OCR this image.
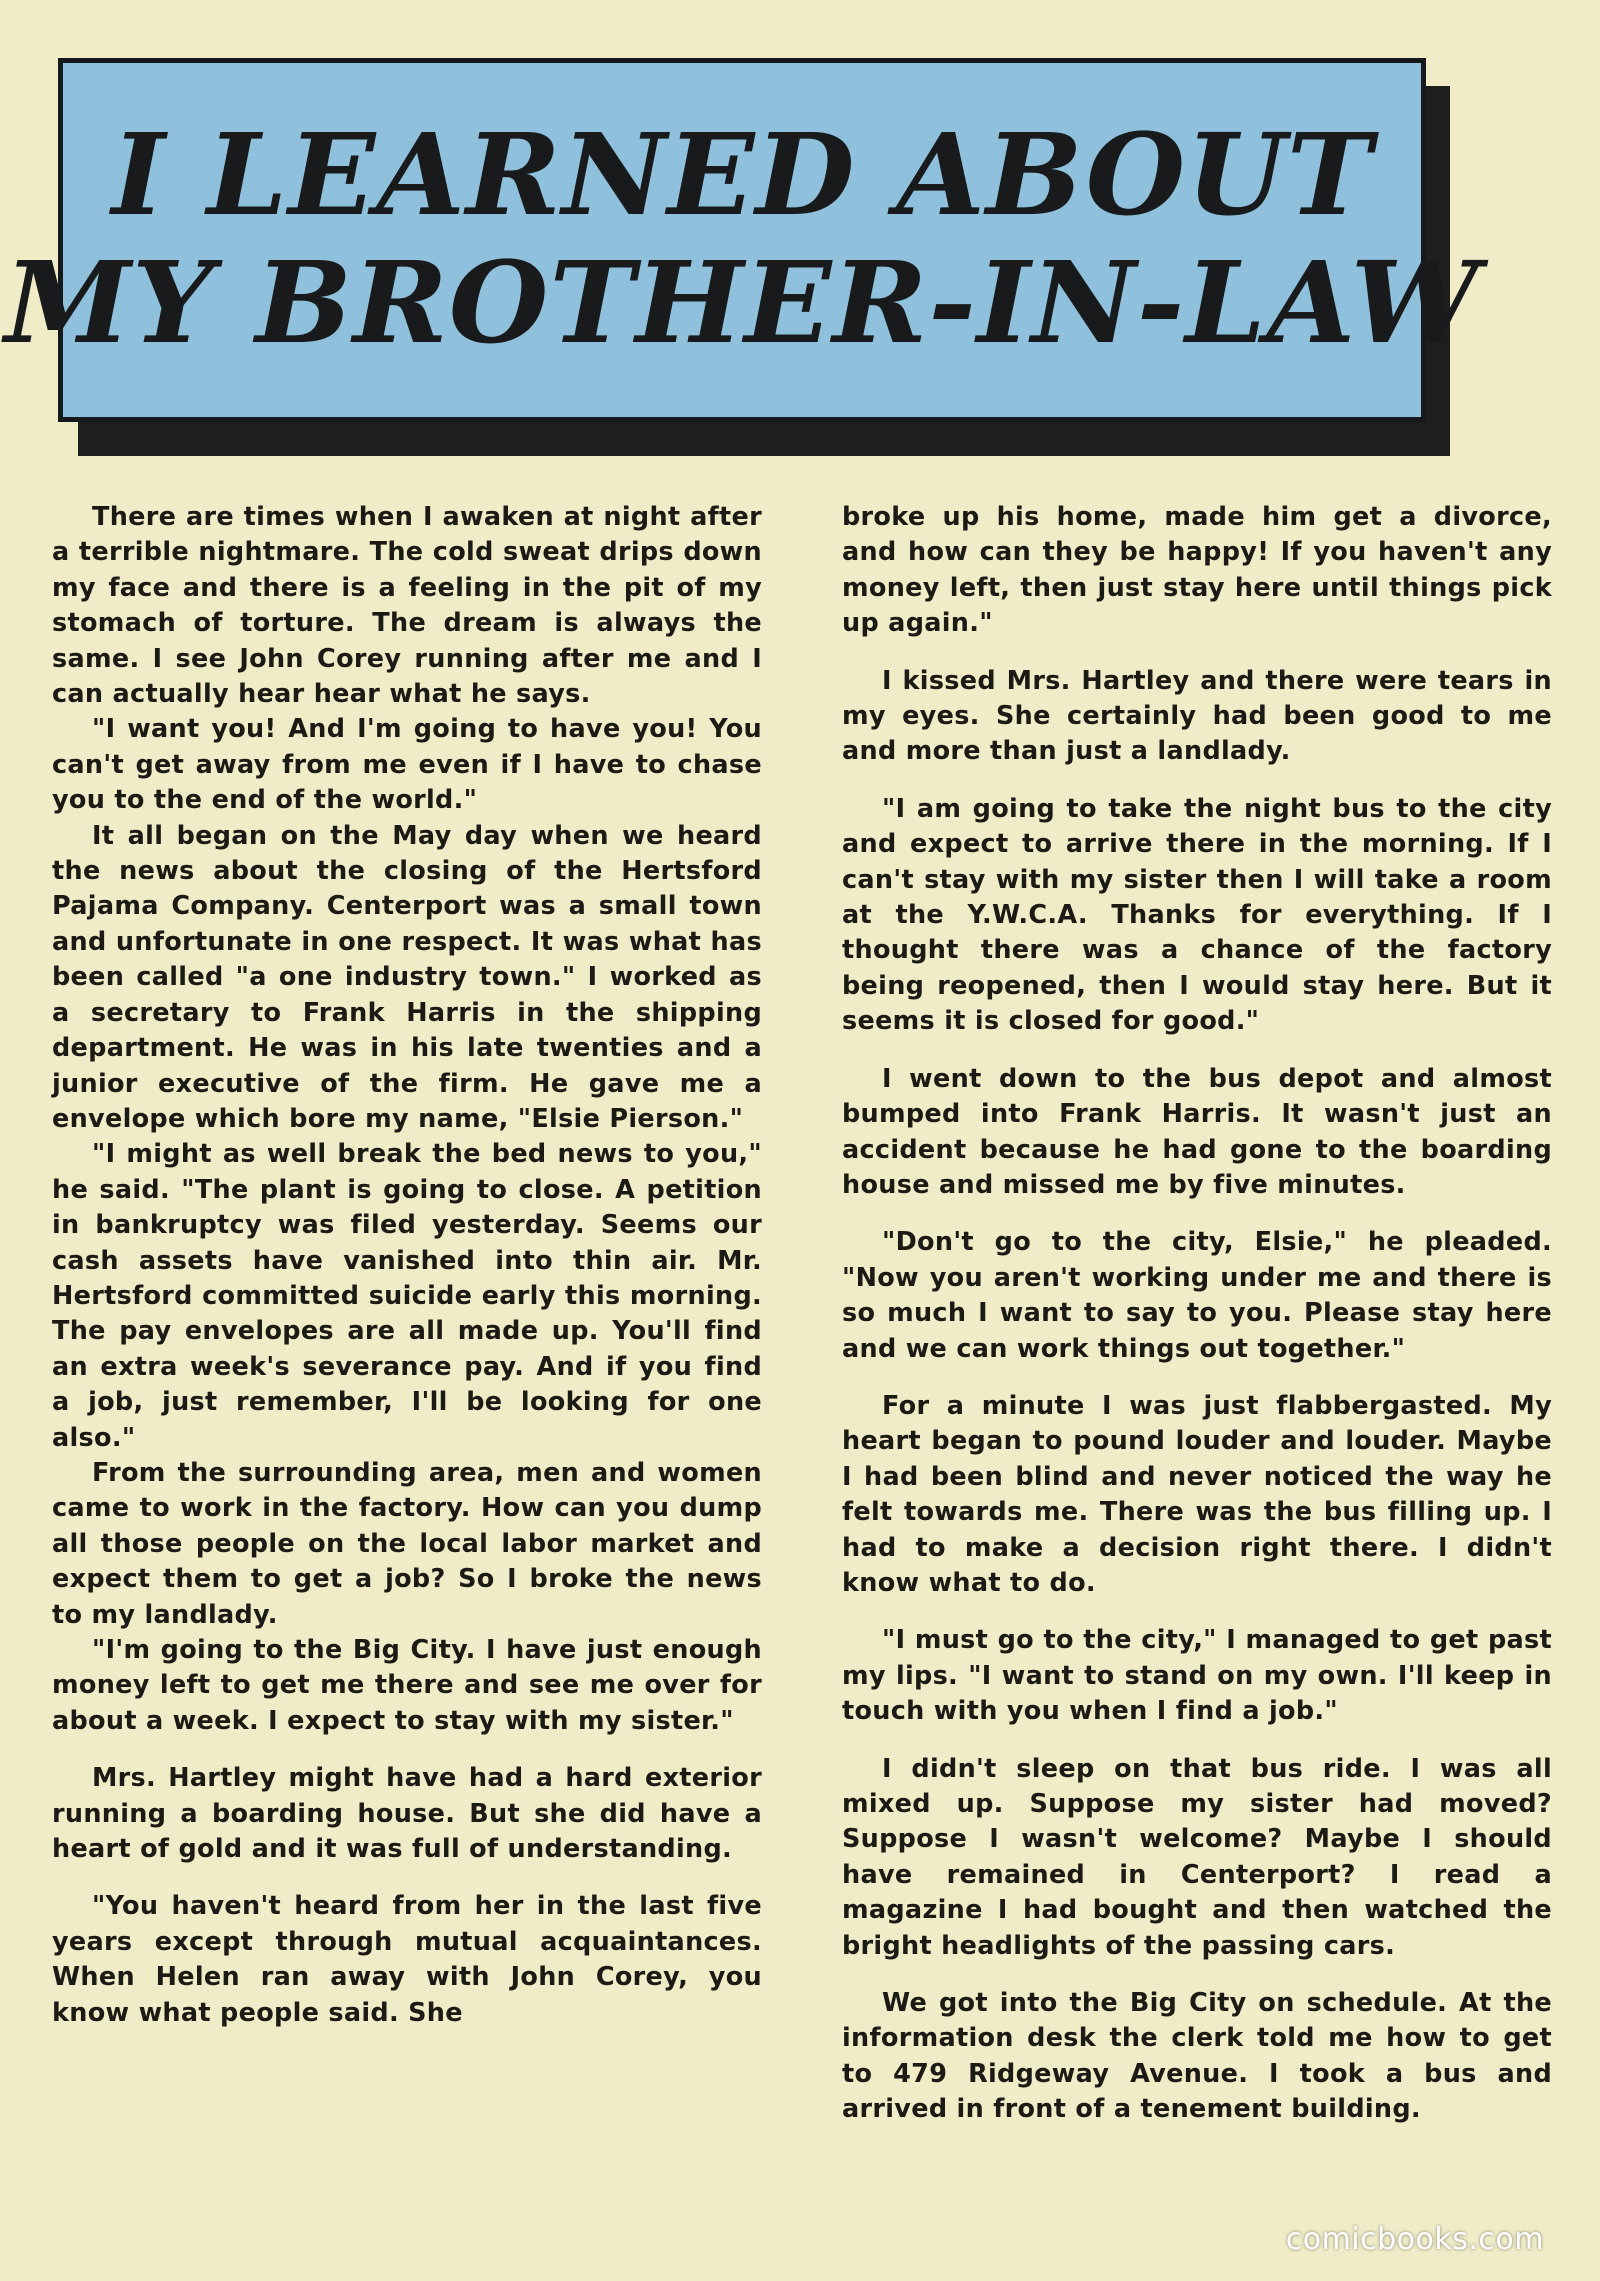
I LEARNED ABOUT
MY BROTHER-IN-LAW

There are times when I awaken at night after a terrible nightmare. The cold sweat drips down my face and there is a feeling in the pit of my stomach of torture. The dream is always the same. I see John Corey running after me and I can actually hear hear what he says.

"I want you! And I'm going to have you! You can't get away from me even if I have to chase you to the end of the world."

It all began on the May day when we heard the news about the closing of the Hertsford Pajama Company. Centerport was a small town and unfortunate in one respect. It was what has been called "a one industry town." I worked as a secretary to Frank Harris in the shipping department. He was in his late twenties and a junior executive of the firm. He gave me a envelope which bore my name, "Elsie Pierson."

"I might as well break the bed news to you," he said. "The plant is going to close. A petition in bankruptcy was filed yesterday. Seems our cash assets have vanished into thin air. Mr. Hertsford committed suicide early this morning. The pay envelopes are all made up. You'll find an extra week's severance pay. And if you find a job, just remember, I'll be looking for one also."

From the surrounding area, men and women came to work in the factory. How can you dump all those people on the local labor market and expect them to get a job? So I broke the news to my landlady.

"I'm going to the Big City. I have just enough money left to get me there and see me over for about a week. I expect to stay with my sister."

Mrs. Hartley might have had a hard exterior running a boarding house. But she did have a heart of gold and it was full of understanding.

"You haven't heard from her in the last five years except through mutual acquaintances. When Helen ran away with John Corey, you know what people said. She

broke up his home, made him get a divorce, and how can they be happy! If you haven't any money left, then just stay here until things pick up again."

I kissed Mrs. Hartley and there were tears in my eyes. She certainly had been good to me and more than just a landlady.

"I am going to take the night bus to the city and expect to arrive there in the morning. If I can't stay with my sister then I will take a room at the Y.W.C.A. Thanks for everything. If I thought there was a chance of the factory being reopened, then I would stay here. But it seems it is closed for good."

I went down to the bus depot and almost bumped into Frank Harris. It wasn't just an accident because he had gone to the boarding house and missed me by five minutes.

"Don't go to the city, Elsie," he pleaded. "Now you aren't working under me and there is so much I want to say to you. Please stay here and we can work things out together."

For a minute I was just flabbergasted. My heart began to pound louder and louder. Maybe I had been blind and never noticed the way he felt towards me. There was the bus filling up. I had to make a decision right there. I didn't know what to do.

"I must go to the city," I managed to get past my lips. "I want to stand on my own. I'll keep in touch with you when I find a job."

I didn't sleep on that bus ride. I was all mixed up. Suppose my sister had moved? Suppose I wasn't welcome? Maybe I should have remained in Centerport? I read a magazine I had bought and then watched the bright headlights of the passing cars.

We got into the Big City on schedule. At the information desk the clerk told me how to get to 479 Ridgeway Avenue. I took a bus and arrived in front of a tenement building.

comicbooks.com
